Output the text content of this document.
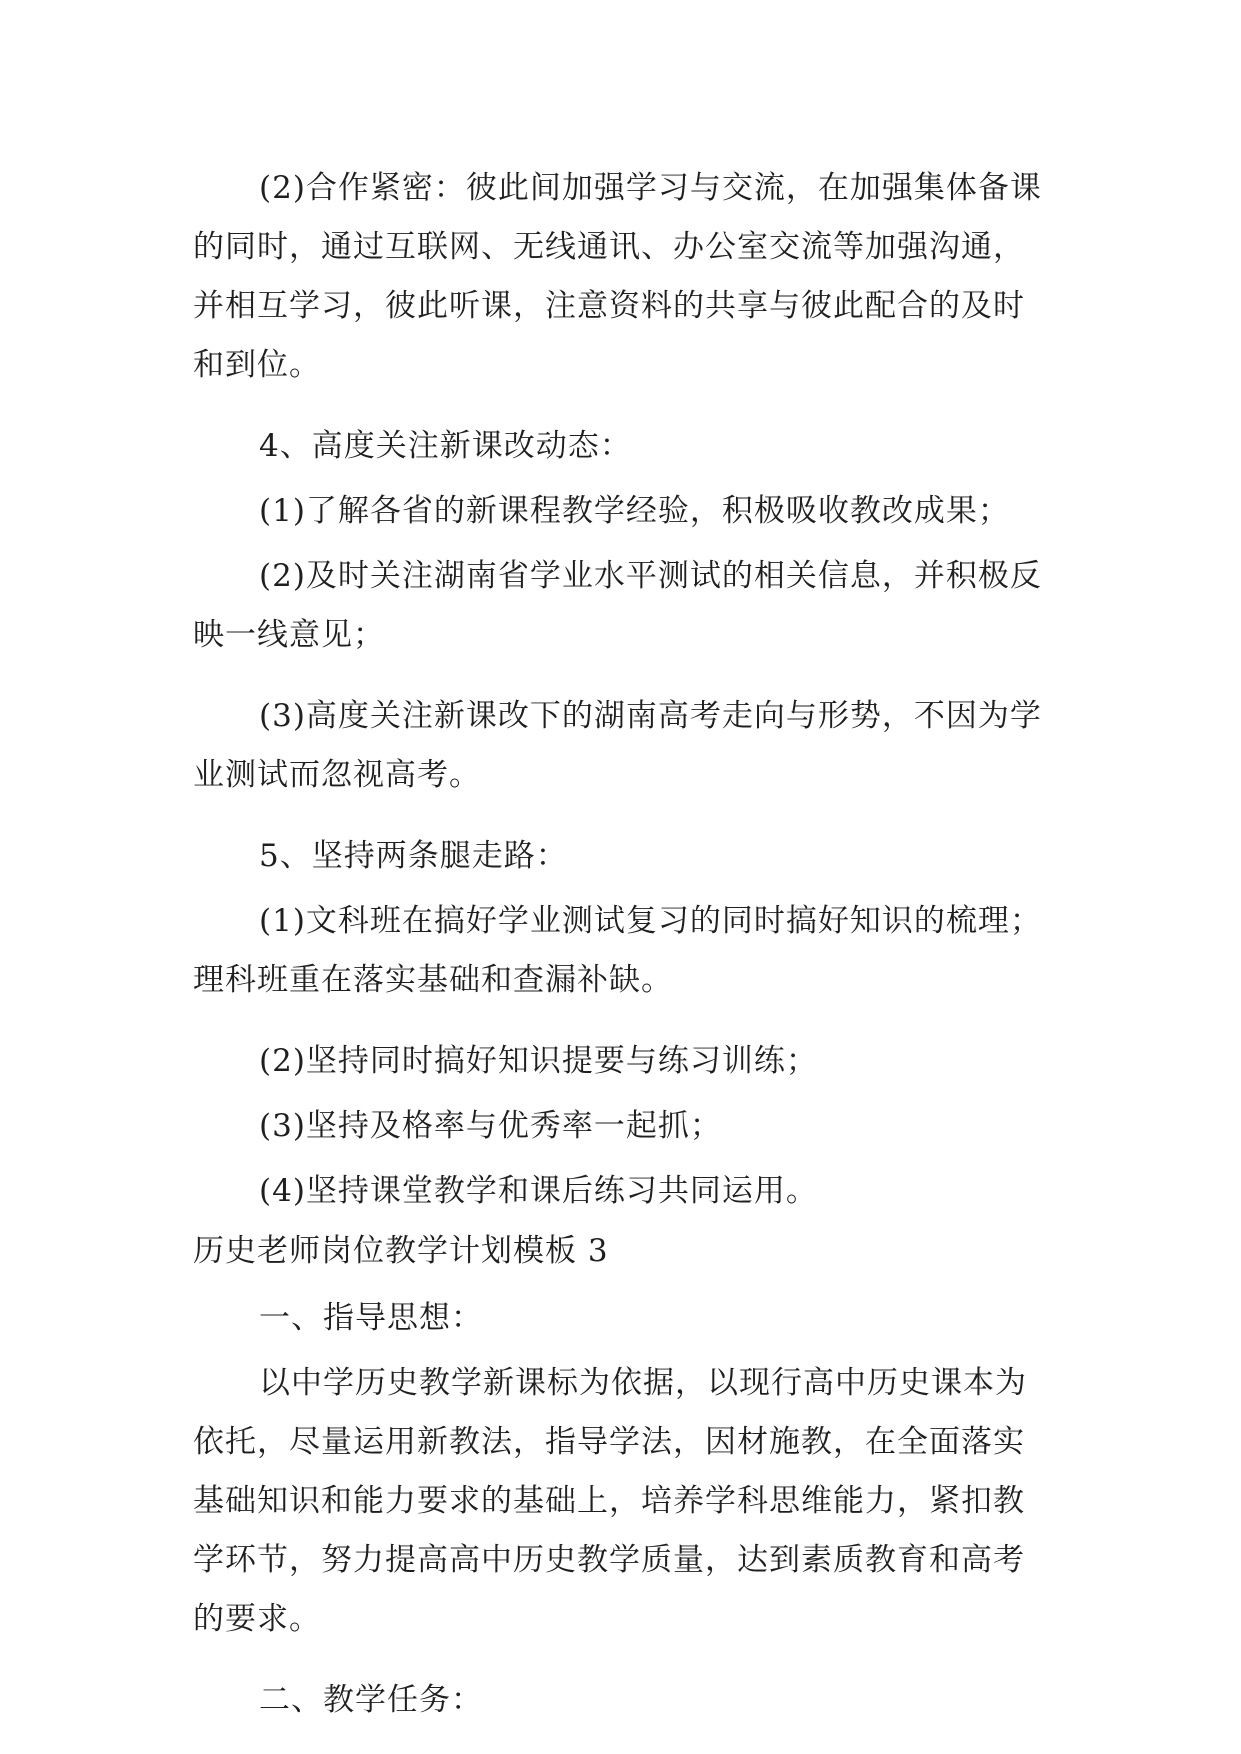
(2)合作紧密：彼此间加强学习与交流，在加强集体备课的同时，通过互联网、无线通讯、办公室交流等加强沟通，并相互学习，彼此听课，注意资料的共享与彼此配合的及时和到位。

4、高度关注新课改动态：

(1)了解各省的新课程教学经验，积极吸收教改成果；

(2)及时关注湖南省学业水平测试的相关信息，并积极反映一线意见；

(3)高度关注新课改下的湖南高考走向与形势，不因为学业测试而忽视高考。

5、坚持两条腿走路：

(1)文科班在搞好学业测试复习的同时搞好知识的梳理；理科班重在落实基础和查漏补缺。

(2)坚持同时搞好知识提要与练习训练；

(3)坚持及格率与优秀率一起抓；

(4)坚持课堂教学和课后练习共同运用。

历史老师岗位教学计划模板 3

一、指导思想：

以中学历史教学新课标为依据，以现行高中历史课本为依托，尽量运用新教法，指导学法，因材施教，在全面落实基础知识和能力要求的基础上，培养学科思维能力，紧扣教学环节，努力提高高中历史教学质量，达到素质教育和高考的要求。

二、教学任务：
